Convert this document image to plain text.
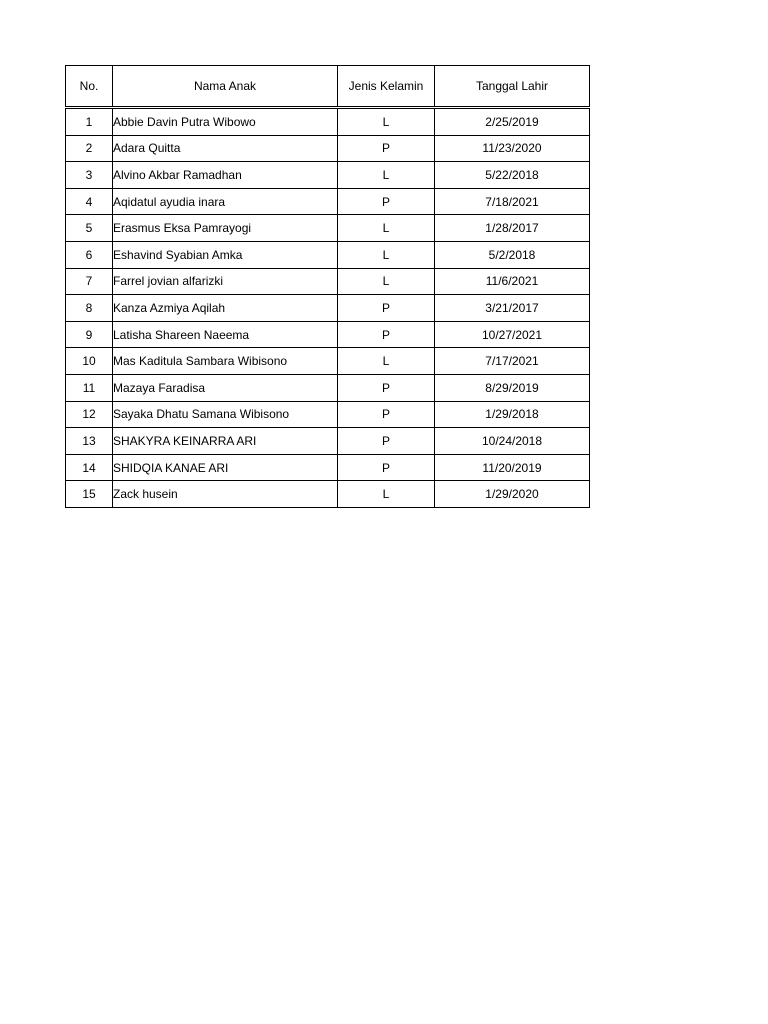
No.	Nama Anak	Jenis Kelamin	Tanggal Lahir
1	Abbie Davin Putra Wibowo	L	2/25/2019
2	Adara Quitta	P	11/23/2020
3	Alvino Akbar Ramadhan	L	5/22/2018
4	Aqidatul ayudia inara	P	7/18/2021
5	Erasmus Eksa Pamrayogi	L	1/28/2017
6	Eshavind Syabian Amka	L	5/2/2018
7	Farrel jovian alfarizki	L	11/6/2021
8	Kanza Azmiya Aqilah	P	3/21/2017
9	Latisha Shareen Naeema	P	10/27/2021
10	Mas Kaditula Sambara Wibisono	L	7/17/2021
11	Mazaya Faradisa	P	8/29/2019
12	Sayaka Dhatu Samana Wibisono	P	1/29/2018
13	SHAKYRA KEINARRA ARI	P	10/24/2018
14	SHIDQIA KANAE ARI	P	11/20/2019
15	Zack husein	L	1/29/2020
